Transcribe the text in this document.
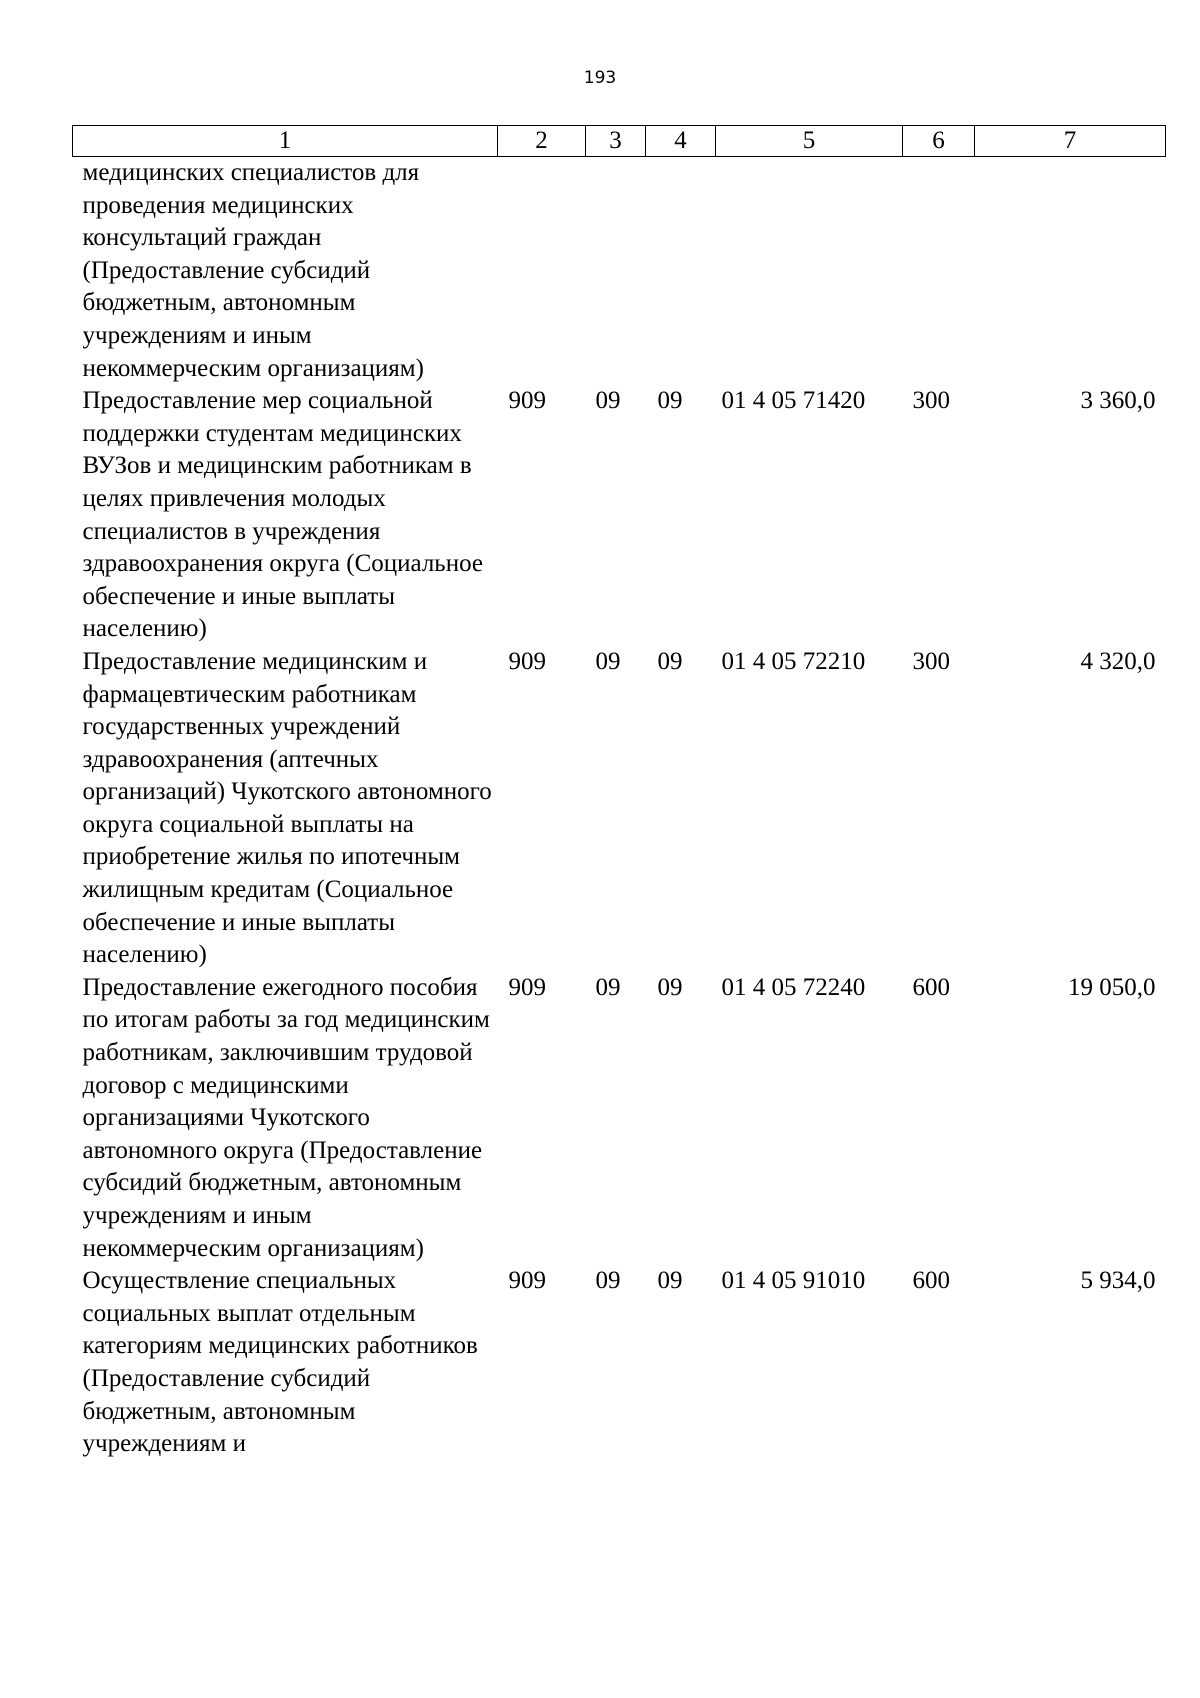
193
1	2	3	4	5	6	7
медицинских специалистов для проведения медицинских консультаций граждан (Предоставление субсидий бюджетным, автономным учреждениям и иным некоммерческим организациям)						
Предоставление мер социальной поддержки студентам медицинских ВУЗов и медицинским работникам в целях привлечения молодых специалистов в учреждения здравоохранения округа (Социальное обеспечение и иные выплаты населению)	909	09	09	01 4 05 71420	300	3 360,0
Предоставление медицинским и фармацевтическим работникам государственных учреждений здравоохранения (аптечных организаций) Чукотского автономного округа социальной выплаты на приобретение жилья по ипотечным жилищным кредитам (Социальное обеспечение и иные выплаты населению)	909	09	09	01 4 05 72210	300	4 320,0
Предоставление ежегодного пособия по итогам работы за год медицинским работникам, заключившим трудовой договор с медицинскими организациями Чукотского автономного округа (Предоставление субсидий бюджетным, автономным учреждениям и иным некоммерческим организациям)	909	09	09	01 4 05 72240	600	19 050,0
Осуществление специальных социальных выплат отдельным категориям медицинских работников (Предоставление субсидий бюджетным, автономным учреждениям и	909	09	09	01 4 05 91010	600	5 934,0
